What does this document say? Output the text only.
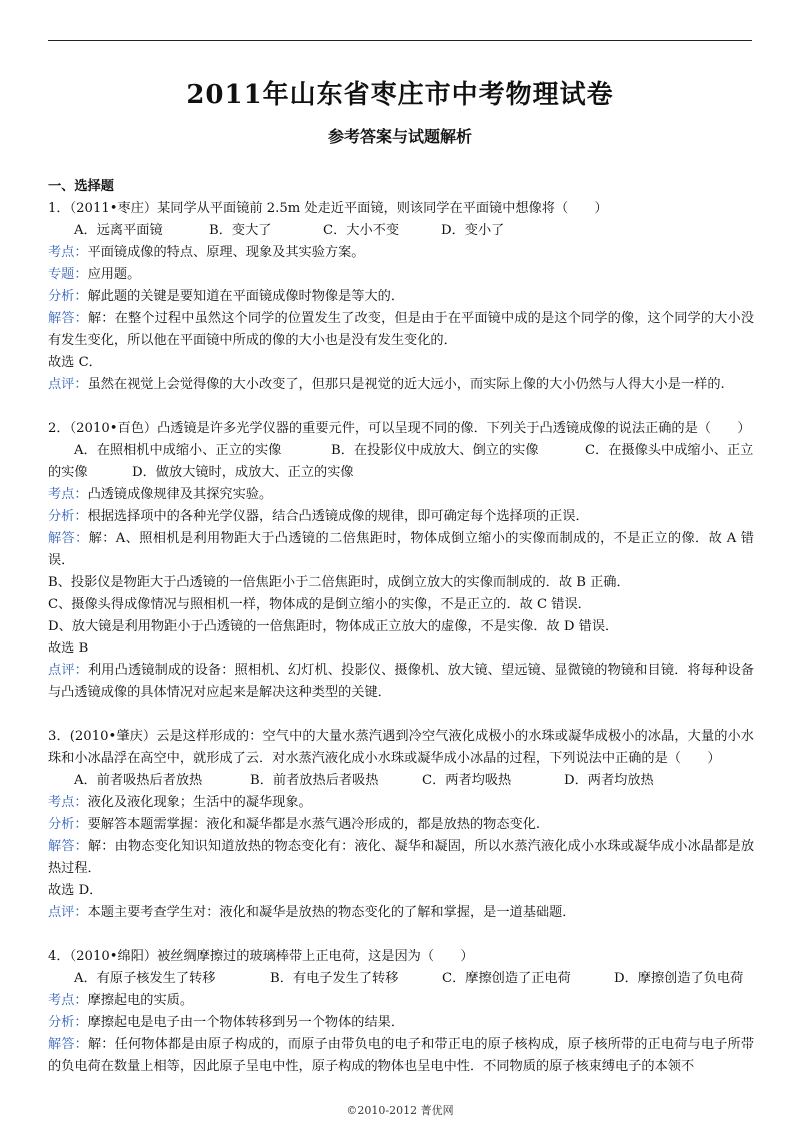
2011年山东省枣庄市中考物理试卷
参考答案与试题解析
一、选择题
1．（2011•枣庄）某同学从平面镜前 2.5m 处走近平面镜，则该同学在平面镜中想像将（　　）
A．远离平面镜	B．变大了	C．大小不变	D．变小了
考点：平面镜成像的特点、原理、现象及其实验方案。
专题：应用题。
分析：解此题的关键是要知道在平面镜成像时物像是等大的．
解答：解：在整个过程中虽然这个同学的位置发生了改变，但是由于在平面镜中成的是这个同学的像，这个同学的大小没有发生变化，所以他在平面镜中所成的像的大小也是没有发生变化的．
故选 C．
点评：虽然在视觉上会觉得像的大小改变了，但那只是视觉的近大远小，而实际上像的大小仍然与人得大小是一样的.
2．（2010•百色）凸透镜是许多光学仪器的重要元件，可以呈现不同的像．下列关于凸透镜成像的说法正确的是（　　）
A．在照相机中成缩小、正立的实像	B．在投影仪中成放大、倒立的实像	C．在摄像头中成缩小、正立
的实像	D．做放大镜时，成放大、正立的实像
考点：凸透镜成像规律及其探究实验。
分析：根据选择项中的各种光学仪器，结合凸透镜成像的规律，即可确定每个选择项的正误．
解答：解：A、照相机是利用物距大于凸透镜的二倍焦距时，物体成倒立缩小的实像而制成的，不是正立的像．故 A 错误．
B、投影仪是物距大于凸透镜的一倍焦距小于二倍焦距时，成倒立放大的实像而制成的．故 B 正确．
C、摄像头得成像情况与照相机一样，物体成的是倒立缩小的实像，不是正立的．故 C 错误．
D、放大镜是利用物距小于凸透镜的一倍焦距时，物体成正立放大的虚像，不是实像．故 D 错误．
故选 B
点评：利用凸透镜制成的设备：照相机、幻灯机、投影仪、摄像机、放大镜、望远镜、显微镜的物镜和目镜．将每种设备与凸透镜成像的具体情况对应起来是解决这种类型的关键．
3．(2010•肇庆）云是这样形成的：空气中的大量水蒸汽遇到冷空气液化成极小的水珠或凝华成极小的冰晶，大量的小水珠和小冰晶浮在高空中，就形成了云．对水蒸汽液化成小水珠或凝华成小冰晶的过程，下列说法中正确的是（　　）
A．前者吸热后者放热	B．前者放热后者吸热	C．两者均吸热	D．两者均放热
考点：液化及液化现象；生活中的凝华现象。
分析：要解答本题需掌握：液化和凝华都是水蒸气遇冷形成的，都是放热的物态变化.
解答：解：由物态变化知识知道放热的物态变化有：液化、凝华和凝固，所以水蒸汽液化成小水珠或凝华成小冰晶都是放热过程．
故选 D．
点评：本题主要考查学生对：液化和凝华是放热的物态变化的了解和掌握，是一道基础题．
4．（2010•绵阳）被丝绸摩擦过的玻璃棒带上正电荷，这是因为（　　）
A．有原子核发生了转移	B．有电子发生了转移	C．摩擦创造了正电荷	D．摩擦创造了负电荷
考点：摩擦起电的实质。
分析：摩擦起电是电子由一个物体转移到另一个物体的结果．
解答：解：任何物体都是由原子构成的，而原子由带负电的电子和带正电的原子核构成，原子核所带的正电荷与电子所带的负电荷在数量上相等，因此原子呈电中性，原子构成的物体也呈电中性．不同物质的原子核束缚电子的本领不
©2010-2012 菁优网
